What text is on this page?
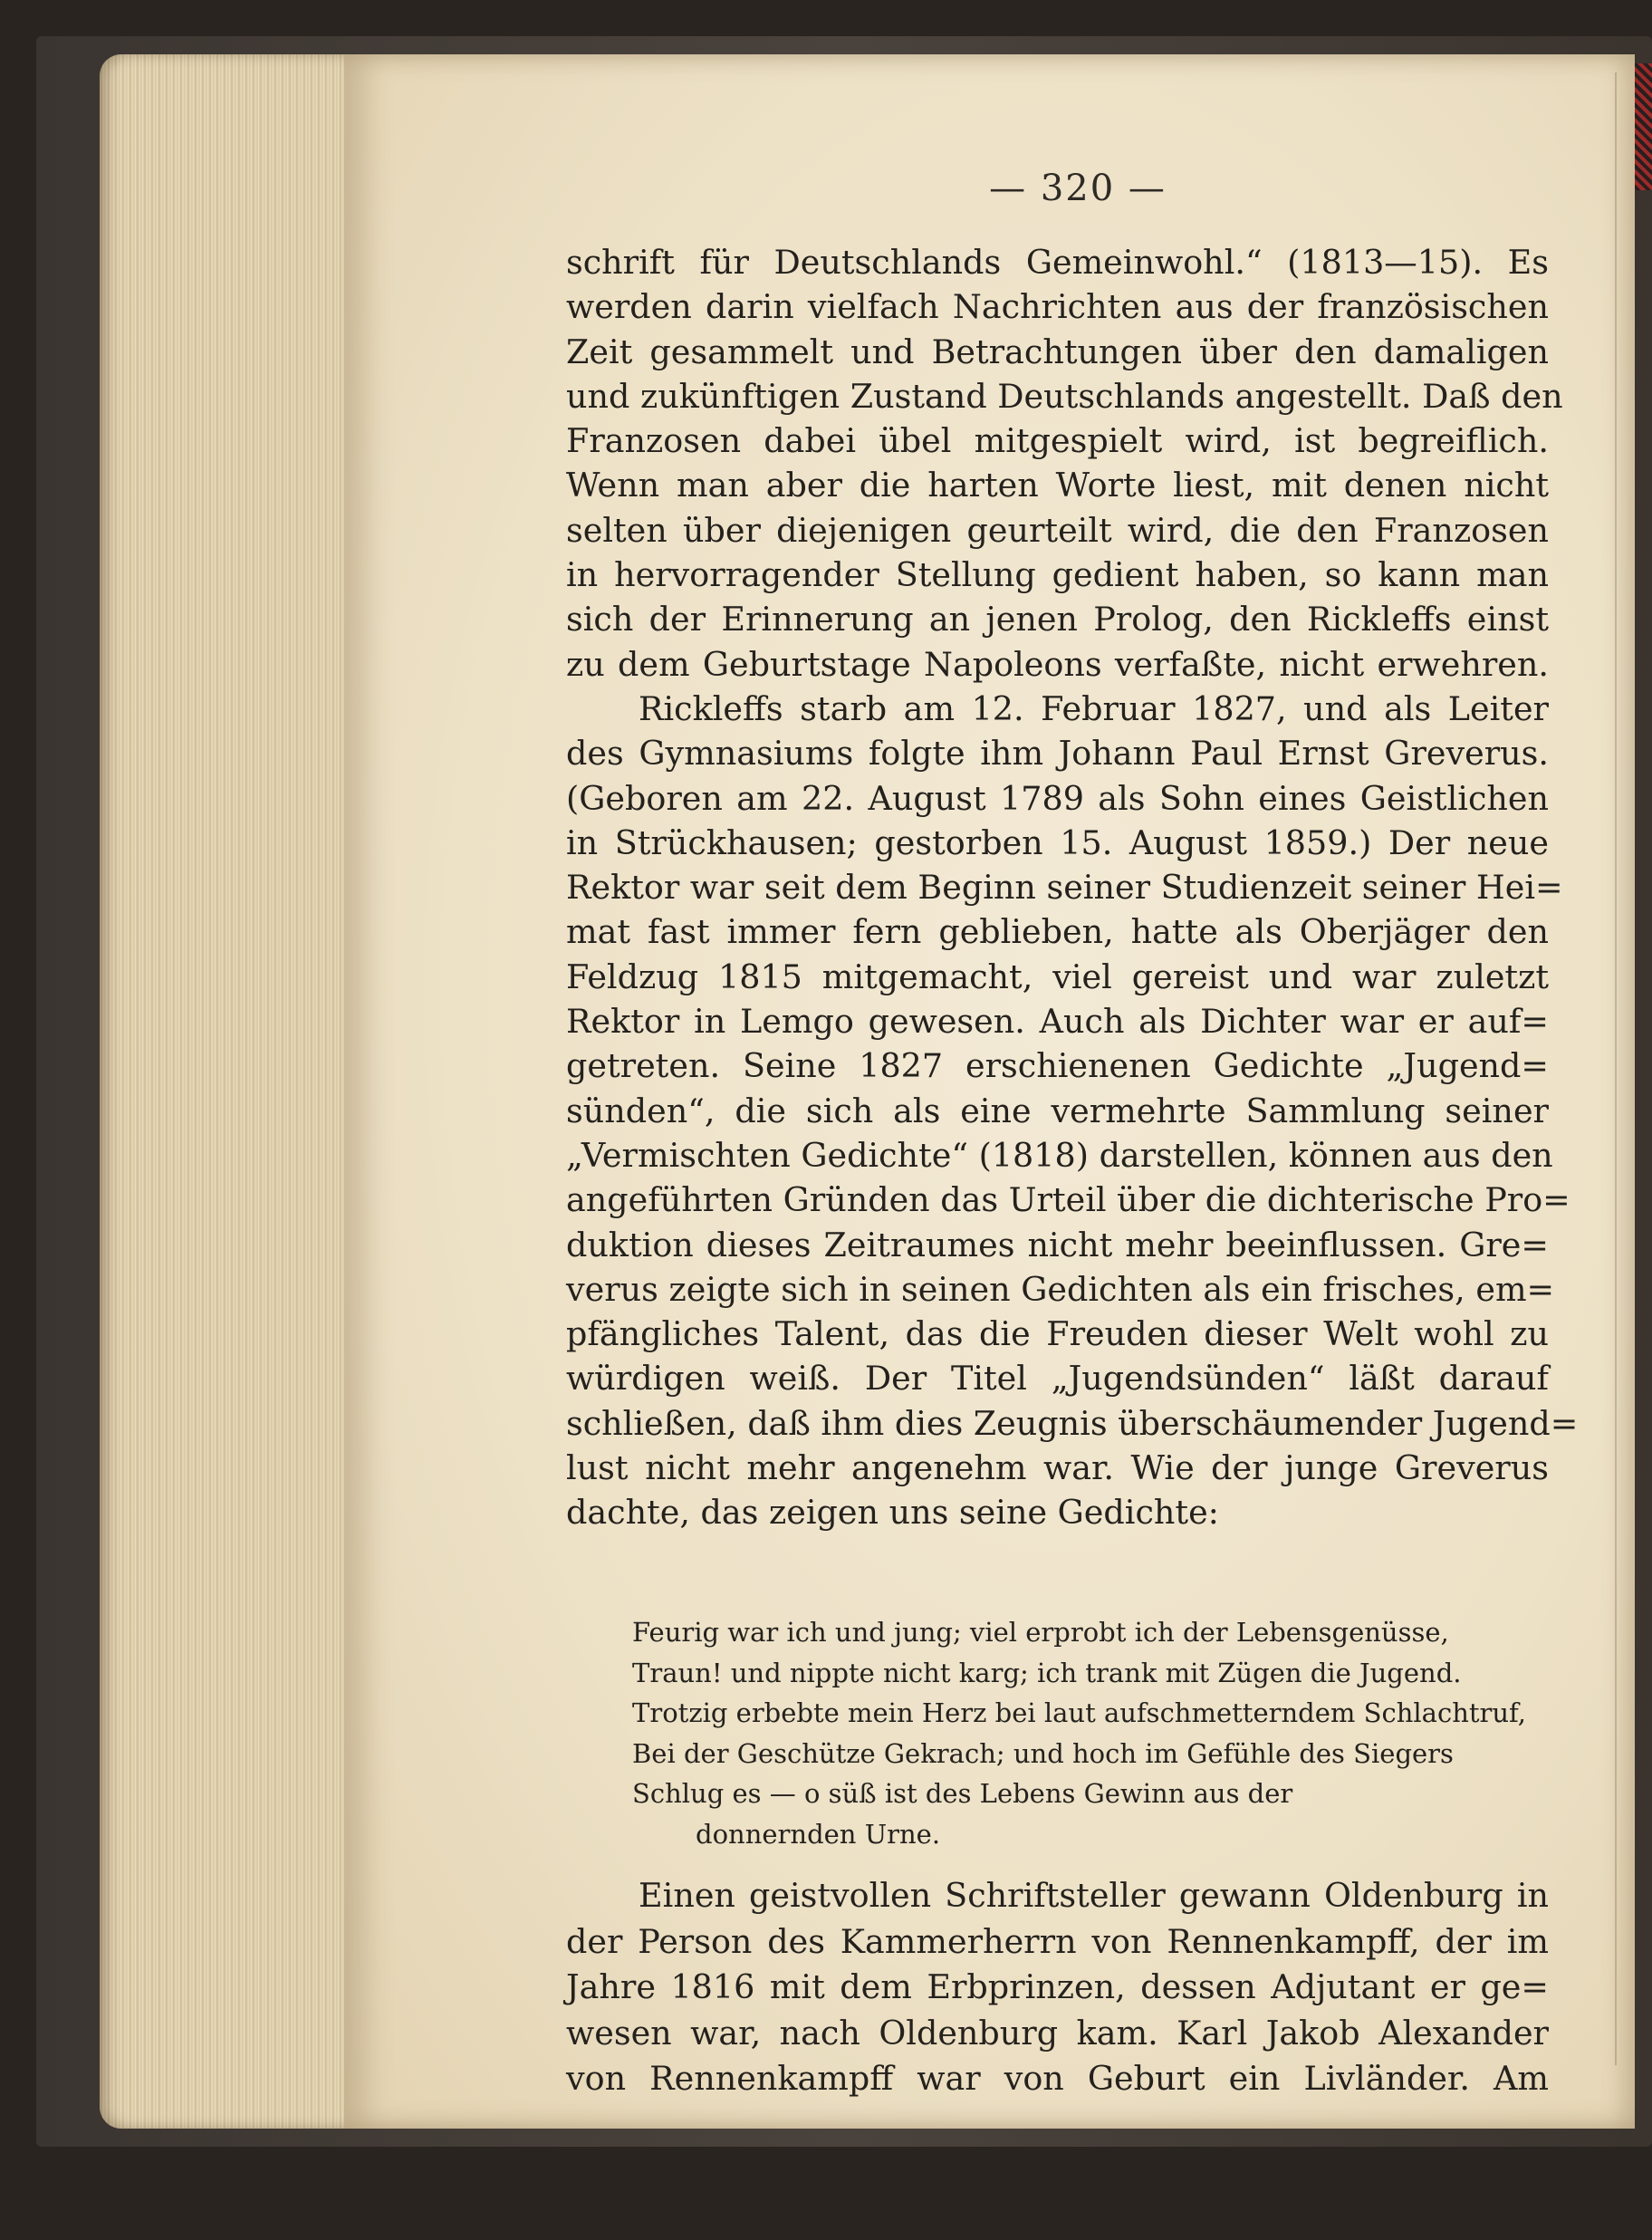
— 320 —
schrift für Deutschlands Gemeinwohl.“ (1813—15). Es
werden darin vielfach Nachrichten aus der französischen
Zeit gesammelt und Betrachtungen über den damaligen
und zukünftigen Zustand Deutschlands angestellt. Daß den
Franzosen dabei übel mitgespielt wird, ist begreiflich.
Wenn man aber die harten Worte liest, mit denen nicht
selten über diejenigen geurteilt wird, die den Franzosen
in hervorragender Stellung gedient haben, so kann man
sich der Erinnerung an jenen Prolog, den Rickleffs einst
zu dem Geburtstage Napoleons verfaßte, nicht erwehren.
Rickleffs starb am 12. Februar 1827, und als Leiter
des Gymnasiums folgte ihm Johann Paul Ernst Greverus.
(Geboren am 22. August 1789 als Sohn eines Geistlichen
in Strückhausen; gestorben 15. August 1859.) Der neue
Rektor war seit dem Beginn seiner Studienzeit seiner Hei=
mat fast immer fern geblieben, hatte als Oberjäger den
Feldzug 1815 mitgemacht, viel gereist und war zuletzt
Rektor in Lemgo gewesen. Auch als Dichter war er auf=
getreten. Seine 1827 erschienenen Gedichte „Jugend=
sünden“, die sich als eine vermehrte Sammlung seiner
„Vermischten Gedichte“ (1818) darstellen, können aus den
angeführten Gründen das Urteil über die dichterische Pro=
duktion dieses Zeitraumes nicht mehr beeinflussen. Gre=
verus zeigte sich in seinen Gedichten als ein frisches, em=
pfängliches Talent, das die Freuden dieser Welt wohl zu
würdigen weiß. Der Titel „Jugendsünden“ läßt darauf
schließen, daß ihm dies Zeugnis überschäumender Jugend=
lust nicht mehr angenehm war. Wie der junge Greverus
dachte, das zeigen uns seine Gedichte:
Feurig war ich und jung; viel erprobt ich der Lebensgenüsse,
Traun! und nippte nicht karg; ich trank mit Zügen die Jugend.
Trotzig erbebte mein Herz bei laut aufschmetterndem Schlachtruf,
Bei der Geschütze Gekrach; und hoch im Gefühle des Siegers
Schlug es — o süß ist des Lebens Gewinn aus der
donnernden Urne.
Einen geistvollen Schriftsteller gewann Oldenburg in
der Person des Kammerherrn von Rennenkampff, der im
Jahre 1816 mit dem Erbprinzen, dessen Adjutant er ge=
wesen war, nach Oldenburg kam. Karl Jakob Alexander
von Rennenkampff war von Geburt ein Livländer. Am
